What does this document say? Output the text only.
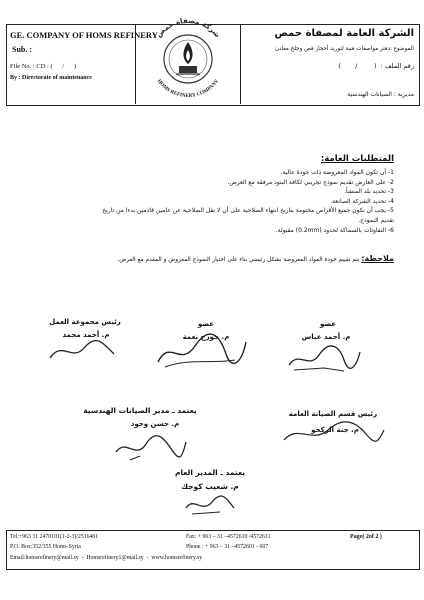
GE. COMPANY OF HOMS REFINERY
Sub. :
File No. : CD : (      /      )
By : Directorate of maintenance
شركة مصفاة حمص
HOMS REFINERY COMPANY
الشركة العامة لمصفاة حمص
الموضوع :دفتر مواصفات فنية لتوريد أحجار قص وجلخ معادن
رقم الملف :  (        /       )
مديرية : الصيانات الهندسية
المتطلبات العامة:
1- أن تكون المواد المعروضة ذات جودة عالية.
2- على العارض تقديم نموذج تجريبي لكافة البنود مرفقة مع العرض.
3- تحديد بلد المنشأ.
4- تحديد الشركة الصانعة.
5- يجب أن تكون جميع الأقراص مختومة بتاريخ انتهاء الصلاحية على أن لا تقل الصلاحية عن عامين قادمين بدءا من تاريخ
تقديم النموذج.
6- التفاوتات بالسماكة لحدود (0.2mm) مقبولة.
ملاحظة: يتم تقييم جودة المواد المعروضة بشكل رئيسي بناء على اختبار النموذج المعروض و المقدم مع العرض.
عضو
م. أحمد عباس
عضو
م. جورج نعمة
رئيس مجموعة العمل
م. أحمد محمد
رئيس قسم الصيانة العامة
م. جنة الركحو
يعتمد ـ مدير الصيانات الهندسية
م. حسن وحود
يعتمد ـ المدير العام
م. شعيب كوجك
Tel:+963 31 2470101(1-2-3)/2516401	Fax: + 963 – 31 –4572610 /4572611	Page( 2of 2 )
P.O. Box:352/355 Homs-Syria	Phone : + 963 – 31 –4572601 - 607
Email:homsrefinery@mail.sy  -  Homsrefinery1@mail.sy  -  www.homsrefinery.sy
